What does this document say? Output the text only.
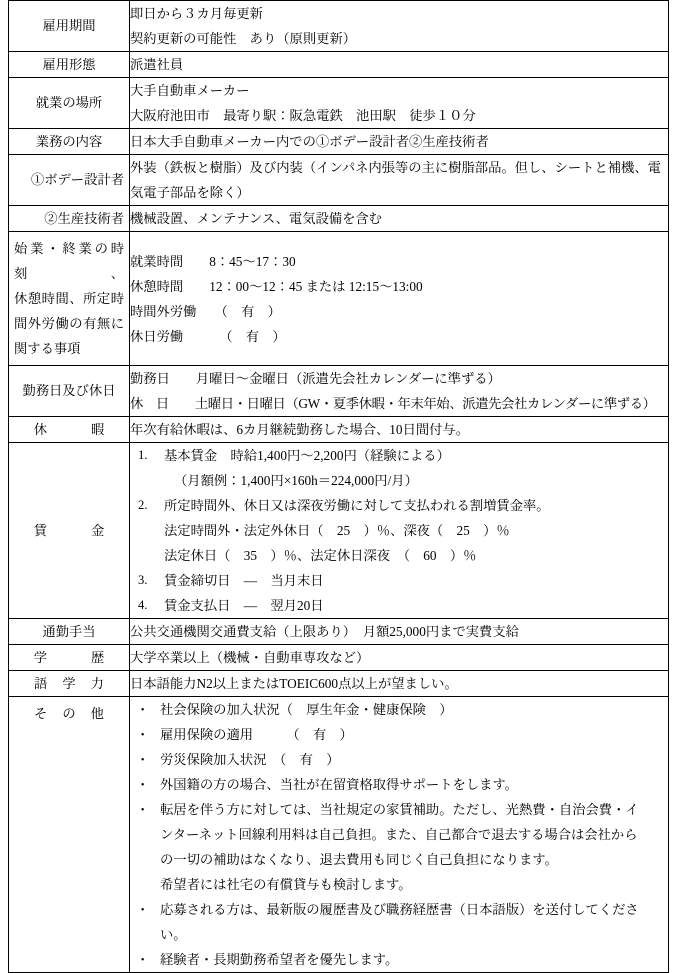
雇用期間	即日から３カ月毎更新
契約更新の可能性　あり（原則更新）

雇用形態	派遣社員

就業の場所	大手自動車メーカー
大阪府池田市　最寄り駅：阪急電鉄　池田駅　徒歩１０分

業務の内容	日本大手自動車メーカー内での①ボデー設計者②生産技術者

①ボデー設計者	外装（鉄板と樹脂）及び内装（インパネ内張等の主に樹脂部品。但し、シートと補機、電気電子部品を除く）

②生産技術者	機械設置、メンテナンス、電気設備を含む

始業・終業の時刻、
休憩時間、所定時
間外労働の有無に
関する事項	就業時間 8：45〜17：30
休憩時間 12：00〜12：45 または 12:15〜13:00
時間外労働 （　有　）
休日労働 （　有　）

勤務日及び休日	勤務日 月曜日〜金曜日（派遣先会社カレンダーに準ずる）
休　日 土曜日・日曜日（GW・夏季休暇・年末年始、派遣先会社カレンダーに準ずる）

休暇	年次有給休暇は、6カ月継続勤務した場合、10日間付与。

賃金	
1.	基本賃金　時給1,400円〜2,200円（経験による）
（月額例：1,400円×160h＝224,000円/月）
2.	所定時間外、休日又は深夜労働に対して支払われる割増賃金率。
法定時間外・法定外休日（　25　）％、深夜（　25　）％
法定休日（　35　）％、法定休日深夜　（　60　）％
3.	賃金締切日　―　当月末日
4.	賃金支払日　―　翌月20日

通勤手当	公共交通機関交通費支給（上限あり）　月額25,000円まで実費支給

学歴	大学卒業以上（機械・自動車専攻など）

語学力	日本語能力N2以上またはTOEIC600点以上が望ましい。

その他	・ 社会保険の加入状況（　厚生年金・健康保険　）
・ 雇用保険の適用　　　（　有　）
・ 労災保険加入状況　（　有　）
・ 外国籍の方の場合、当社が在留資格取得サポートをします。
・ 転居を伴う方に対しては、当社規定の家賃補助。ただし、光熱費・自治会費・イ
ンターネット回線利用料は自己負担。また、自己都合で退去する場合は会社から
の一切の補助はなくなり、退去費用も同じく自己負担になります。
希望者には社宅の有償貸与も検討します。
・ 応募される方は、最新版の履歴書及び職務経歴書（日本語版）を送付してくださ
い。
・ 経験者・長期勤務希望者を優先します。
